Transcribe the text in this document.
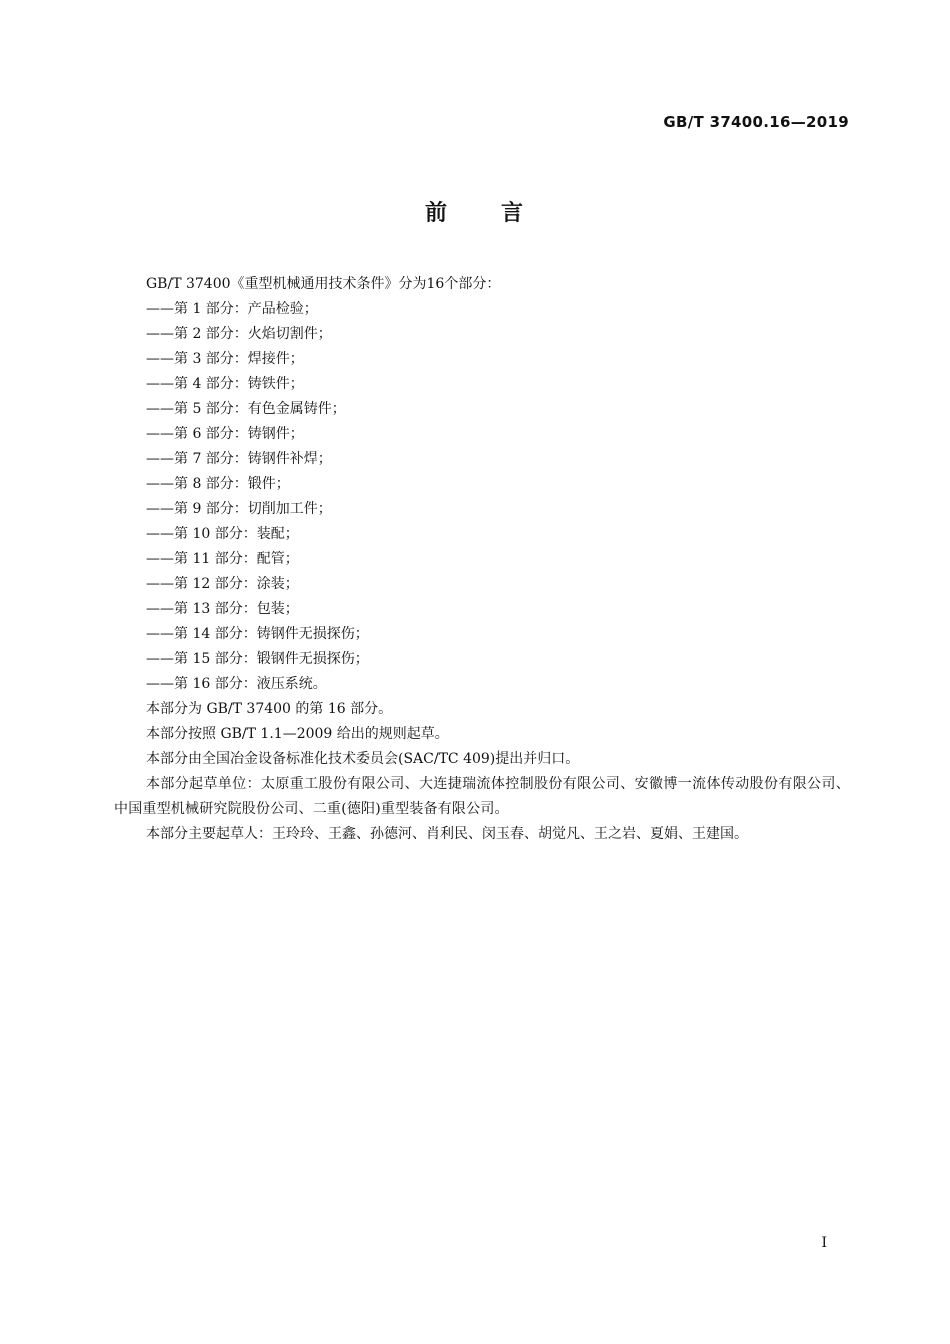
GB/T 37400.16—2019
前 言

GB/T 37400《重型机械通用技术条件》分为16个部分：

——第 1 部分：产品检验；

——第 2 部分：火焰切割件；

——第 3 部分：焊接件；

——第 4 部分：铸铁件；

——第 5 部分：有色金属铸件；

——第 6 部分：铸钢件；

——第 7 部分：铸钢件补焊；

——第 8 部分：锻件；

——第 9 部分：切削加工件；

——第 10 部分：装配；

——第 11 部分：配管；

——第 12 部分：涂装；

——第 13 部分：包装；

——第 14 部分：铸钢件无损探伤；

——第 15 部分：锻钢件无损探伤；

——第 16 部分：液压系统。

本部分为 GB/T 37400 的第 16 部分。

本部分按照 GB/T 1.1—2009 给出的规则起草。

本部分由全国冶金设备标准化技术委员会(SAC/TC 409)提出并归口。

本部分起草单位：太原重工股份有限公司、大连捷瑞流体控制股份有限公司、安徽博一流体传动股份有限公司、中国重型机械研究院股份公司、二重(德阳)重型装备有限公司。

本部分主要起草人：王玲玲、王鑫、孙德河、肖利民、闵玉春、胡觉凡、王之岩、夏娟、王建国。

I
